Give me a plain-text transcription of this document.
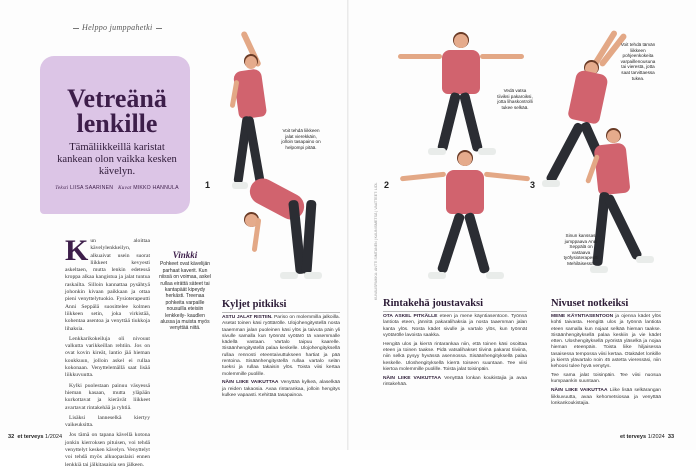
Helppo jumppahetki
Vetreänä lenkille
Tämäliikkeillä karistat kankean olon vaikka kesken kävelyn.
Teksti LIISA SAARINEN Kuvat MIKKO HANNULA
K un aloittaa kävelylenkkeilyn, alkuaivat usein suorat liikkeet kevyesti askeltaen, mutta lenkin edetessä kroppa alkaa kangistua ja jalat tuntua raskailta. Silloin kannattaa pysähtyä johonkin kivaan paikkaan ja ottaa pieni venyttelytuokio. Fysioterapeutti Anni Seppälä suosittelee kolmen liikkeen setin, joka virkistää, kohentaa asentoa ja venyttää tiukkoja lihaksia.

Lenkkarikokeiluja oli nivouut valkutta varikkeillan rehtiin. Jos on ovat kovin kireät, lantio jää hieman koukkuun, jolloin askel ei rullaa kokonaan. Venyttelemällä saat lisää liikkuvuutta.

Kylki puolestaan painuu väsyessä hieman kasaan, mutta yläpään kurkottavat ja kierävät liikkeet avartavat rintakehää ja ryhtiä.

Lisäksi lanneselkä kiertyy vaikeuksitta.

Jos tämä on tapana kävellä kotona jonkin kierroksen pituisen, voi tehdä venyttelyt kesken kävelyn. Venyttelyt voi tehdä myös alkuopaslaisi ennen lenkkiä tai jälkitasaisia sen jälkeen.

Vinkki
Pohkeet ovat kävelijän parhaat kaverit. Kun niissä on voimaa, askel rullaa eirättä säteet tai kantapäät kipeydy herkästi. Treenaa pohkeita varpaille nousuilla eteisiin lenkkeily- kaudlen alussa ja muista myös venyttää niitä.
Voit tehdä liikkeen jalat vierekkäin, jolloin tasapaino on helpompi pitää.
1
Kyljet pitkiksi

ASTU JALAT RISTIIN. Pariso on molemmilla jalkoilla. Asetat toinen käsi ryöttärölle. Ulojohengitystellä nosta taaemman jalan puoleinen käsi ylös ja taivuta päin yli sivulle samalla kun työnnät vyötärö tä vasemmalle kädellä vastaan. Vartalo taipuu kaarelle. Sisäänhengitystellä palaa keskelle. Ulojohengityksellä rullaa rennosti eteentaivuttukseen hartiat ja pää rentoina. Sisäänhengitystellä rullaa vartalo selän tueksi ja rullaa takaisin ylös. Toista viisi kertaa molemmille puolille.

NÄIN LIIKE VAIKUTTAA Venyttää kylkeä, alaselkää ja reiden takaosia. Avaa rintarankaa, jolloin hengitys kulkee vapaasti. Kehittää tasapainoa.

2
Vedä vatsa tiiviksi pakaroiksi, jotta lihaskontrolli tukee selkää.
Rintakehä joustavaksi

OTA ASKEL PITKÄLLE eteen ja mene käyntiasentoon. Työnnä lantiota eteen, jännitä pakaralihaksia ja nosta taaemman jalan kanta ylös. Nosta kädet sivulle ja vartalo ylös, kun työnnät vyötärölle lavoista saakka.

Hengitä ulos ja kierrä rintarankaa niin, että toinen käsi osoittaa eteen ja toinen taakse. Pidä vatsalihakset tiivinä pakarat tiiviinä, niin selkä pysyy hyvässä asennossa. Sisäänhengityksellä palaa keskelle. Uloshengityksellä kierrä toiseen suuntaan. Tee viisi kiertoa molemmille puolille. Toista jalat toisinpäin.

NÄIN LIIKE VAIKUTTAA Venyttää lonkan koukistajia ja avaa rintakehää.

KUVAUSPAIKKA: ANTTI SIMTANEN | KAUNISMETSÄ | VAATTEET: LIDL	3
Voit tehdä tämän liikkeen pohjeenkokeita varpaillenousuna tai vierestä, jotta saat tarvittaessa tukea.
Sinun kanssasi jumppaava Anni Seppälä on vastaava työfysioterapeutti Mehiläisessä.
Nivuset notkeiksi

MENE KÄYNTIASENTOON ja ojenna kädet ylös kohti taivasta. Hengitä ulos ja työnnä lantiota eteen samalla kun nojaat selkää hieman taakse. Sisäänhengityksellä palaa keskiin ja vie kädet etten. Uloshengityksellä pyöristä yläselkä ja nojaa hieman eteenpäin. Toista liike hiljaisessa tasaisessa tempossa viisi kertaa. Otakädet lonkille ja kierrä ylävartalo noin 45 astetta vieressäsi, niin kehoosi tulee hyvä venytys.

Tee sama jalat toisinpäin. Tee viisi nuosua kumpaankin suuntaan.

NÄIN LIIKE VAIKUTTAA Liike lisää selkärangan liikkuvuutta, avaa kehometsiosaa ja venyttää lonkankoukistajia.

32 et terveys 1/2024	et terveys 1/2024 33
